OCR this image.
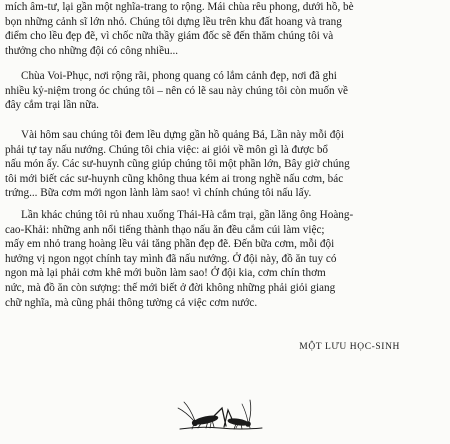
mích âm-tư, lại gần một nghĩa-trang to rộng. Mái chùa rêu phong, dưới hồ, bè
bọn những cảnh sĩ lớn nhỏ. Chúng tôi dựng lều trên khu đất hoang và trang
điểm cho lều đẹp đẽ, vì chốc nữa thầy giám đốc sẽ đến thăm chúng tôi và
thưởng cho những đội có công nhiều...
Chùa Voi-Phục, nơi rộng rãi, phong quang có lắm cảnh đẹp, nơi đã ghi
nhiều kỷ-niệm trong óc chúng tôi – nên có lẽ sau này chúng tôi còn muốn về
đây cắm trại lần nữa.
Vài hôm sau chúng tôi đem lều dựng gần hồ quảng Bá, Lần này mỗi đội
phải tự tay nấu nướng. Chúng tôi chia việc: ai giỏi về môn gì là được bổ
nấu món ấy. Các sư-huynh cũng giúp chúng tôi một phần lớn, Bây giờ chúng
tôi mới biết các sư-huynh cũng không thua kém ai trong nghề nấu cơm, bác
trứng... Bữa cơm mới ngon lành làm sao! vì chính chúng tôi nấu lấy.
Lần khác chúng tôi rủ nhau xuống Thái-Hà cắm trại, gần lăng ông Hoàng-
cao-Khải: những anh nổi tiếng thành thạo nấu ăn đều cắm cúi làm việc;
mấy em nhỏ trang hoàng lều vải tăng phần đẹp đẽ. Đến bữa cơm, mỗi đội
hưởng vị ngon ngọt chính tay mình đã nấu nướng. Ở đội này, đồ ăn tuy có
ngon mà lại phải cơm khê mới buồn làm sao! Ở đội kia, cơm chín thơm
nức, mà đồ ăn còn sượng: thế mới biết ở đời không những phải giỏi giang
chữ nghĩa, mà cũng phải thông tường cả việc cơm nước.
MỘT LƯU HỌC-SINH
